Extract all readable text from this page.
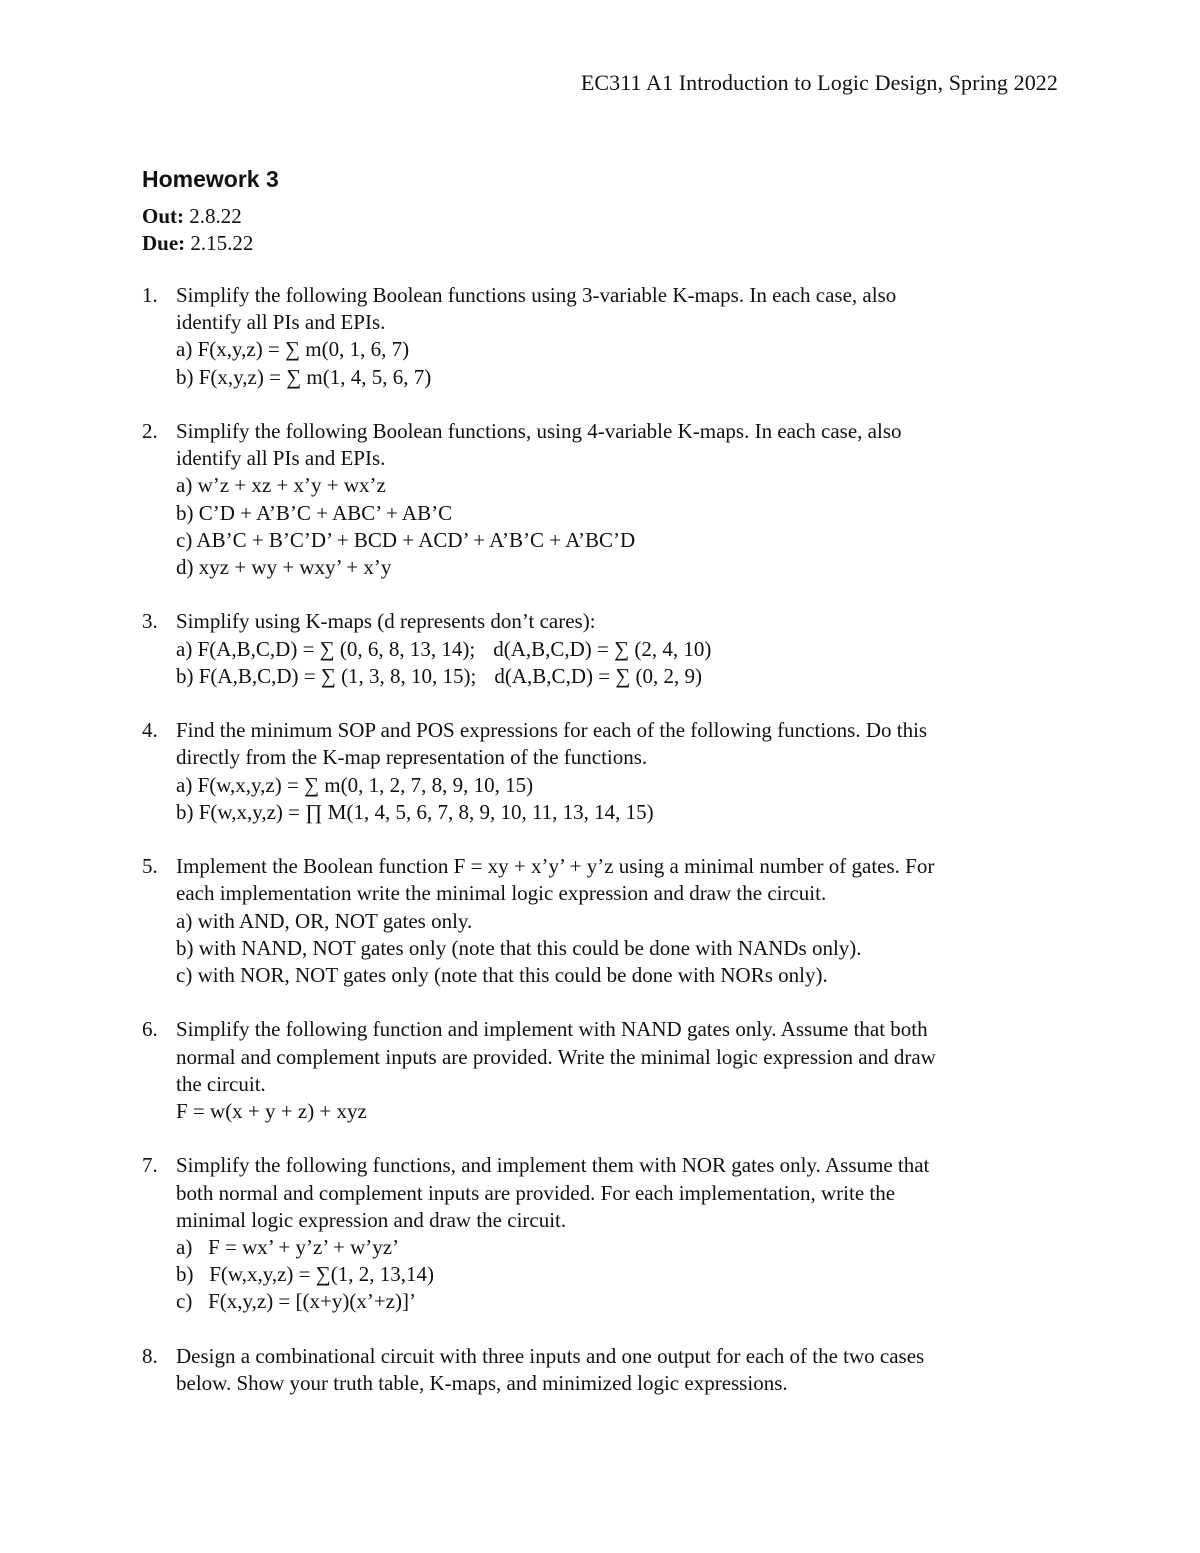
EC311 A1 Introduction to Logic Design, Spring 2022
Homework 3
Out: 2.8.22
Due: 2.15.22
1. Simplify the following Boolean functions using 3-variable K-maps. In each case, also
identify all PIs and EPIs.
a) F(x,y,z) = ∑ m(0, 1, 6, 7)
b) F(x,y,z) = ∑ m(1, 4, 5, 6, 7)
2. Simplify the following Boolean functions, using 4-variable K-maps. In each case, also
identify all PIs and EPIs.
a) w’z + xz + x’y + wx’z
b) C’D + A’B’C + ABC’ + AB’C
c) AB’C + B’C’D’ + BCD + ACD’ + A’B’C + A’BC’D
d) xyz + wy + wxy’ + x’y
3. Simplify using K-maps (d represents don’t cares):
a) F(A,B,C,D) = ∑ (0, 6, 8, 13, 14); d(A,B,C,D) = ∑ (2, 4, 10)
b) F(A,B,C,D) = ∑ (1, 3, 8, 10, 15); d(A,B,C,D) = ∑ (0, 2, 9)
4. Find the minimum SOP and POS expressions for each of the following functions. Do this
directly from the K-map representation of the functions.
a) F(w,x,y,z) = ∑ m(0, 1, 2, 7, 8, 9, 10, 15)
b) F(w,x,y,z) = ∏ M(1, 4, 5, 6, 7, 8, 9, 10, 11, 13, 14, 15)
5. Implement the Boolean function F = xy + x’y’ + y’z using a minimal number of gates. For
each implementation write the minimal logic expression and draw the circuit.
a) with AND, OR, NOT gates only.
b) with NAND, NOT gates only (note that this could be done with NANDs only).
c) with NOR, NOT gates only (note that this could be done with NORs only).
6. Simplify the following function and implement with NAND gates only. Assume that both
normal and complement inputs are provided. Write the minimal logic expression and draw
the circuit.
F = w(x + y + z) + xyz
7. Simplify the following functions, and implement them with NOR gates only. Assume that
both normal and complement inputs are provided. For each implementation, write the
minimal logic expression and draw the circuit.
a)   F = wx’ + y’z’ + w’yz’
b)   F(w,x,y,z) = ∑(1, 2, 13,14)
c)   F(x,y,z) = [(x+y)(x’+z)]’
8. Design a combinational circuit with three inputs and one output for each of the two cases
below. Show your truth table, K-maps, and minimized logic expressions.
